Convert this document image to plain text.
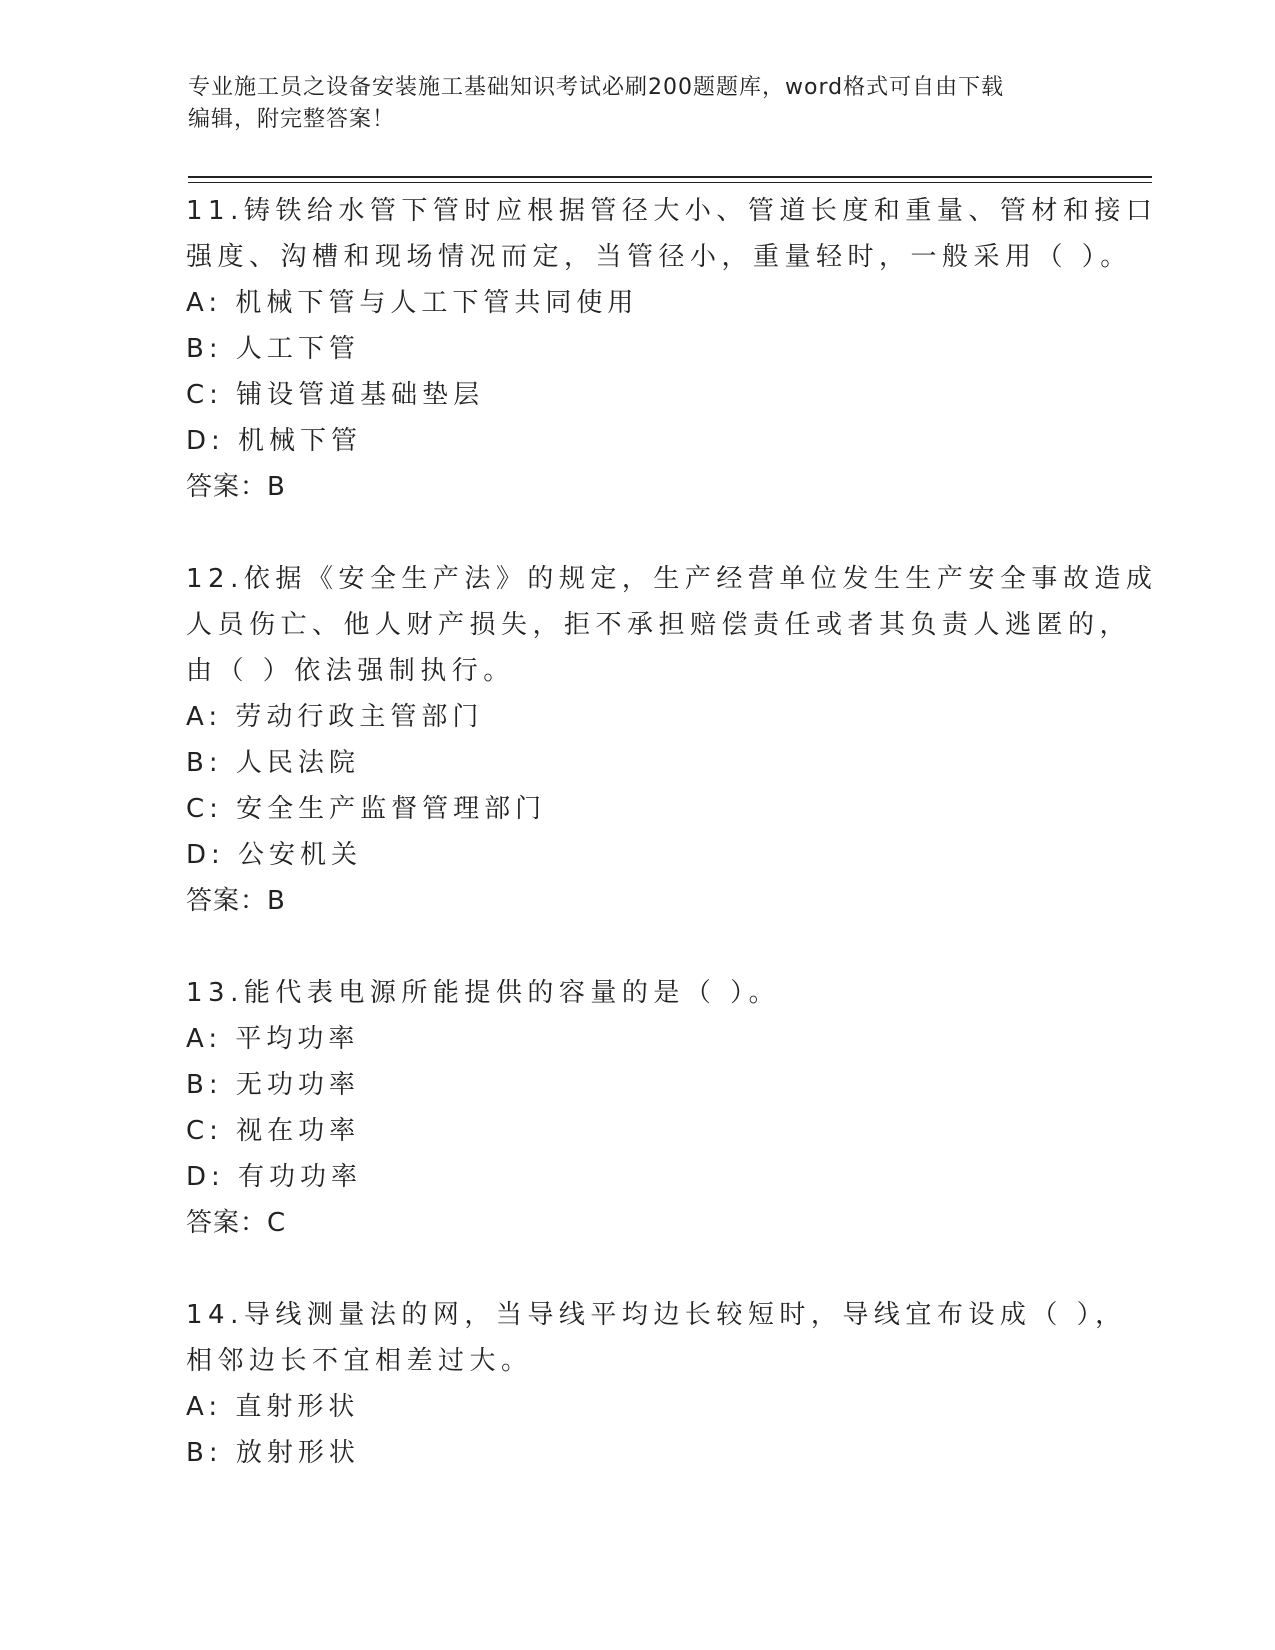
专业施工员之设备安装施工基础知识考试必刷200题题库，word格式可自由下载
编辑，附完整答案！
11.铸铁给水管下管时应根据管径大小、管道长度和重量、管材和接口
强度、沟槽和现场情况而定，当管径小，重量轻时，一般采用（ ）。
A: 机械下管与人工下管共同使用
B: 人工下管
C: 铺设管道基础垫层
D: 机械下管
答案：B
12.依据《安全生产法》的规定，生产经营单位发生生产安全事故造成
人员伤亡、他人财产损失，拒不承担赔偿责任或者其负责人逃匿的，
由（ ）依法强制执行。
A: 劳动行政主管部门
B: 人民法院
C: 安全生产监督管理部门
D: 公安机关
答案：B
13.能代表电源所能提供的容量的是（ ）。
A: 平均功率
B: 无功功率
C: 视在功率
D: 有功功率
答案：C
14.导线测量法的网，当导线平均边长较短时，导线宜布设成（ ），
相邻边长不宜相差过大。
A: 直射形状
B: 放射形状
